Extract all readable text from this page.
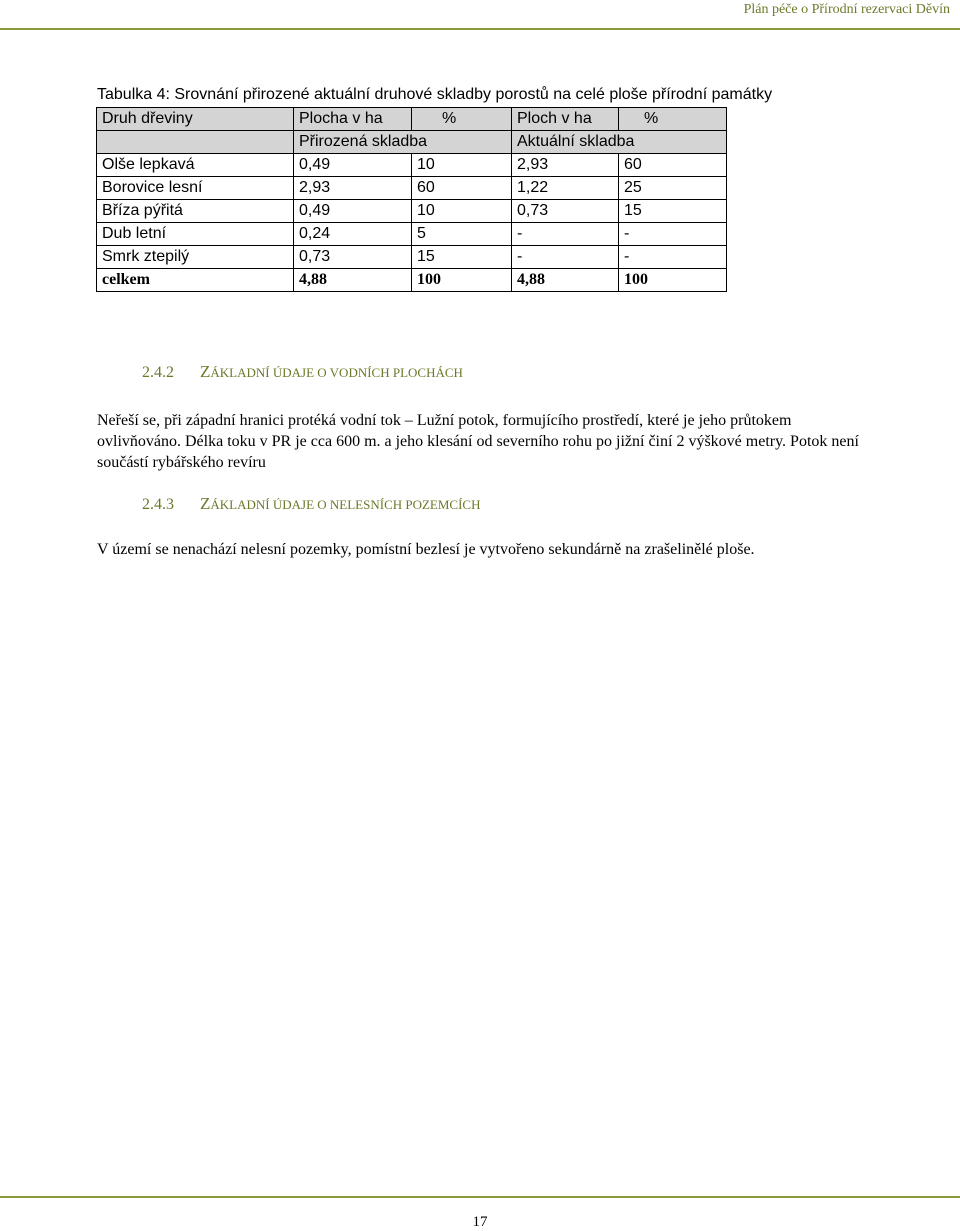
Plán péče o Přírodní rezervaci Děvín
Tabulka 4: Srovnání přirozené aktuální druhové skladby porostů na celé ploše přírodní památky
Druh dřeviny	Plocha v ha	%	Ploch v ha	%
	Přirozená skladba		Aktuální skladba	
Olše lepkavá	0,49	10	2,93	60
Borovice lesní	2,93	60	1,22	25
Bříza pýřitá	0,49	10	0,73	15
Dub letní	0,24	5	-	-
Smrk ztepilý	0,73	15	-	-
celkem	4,88	100	4,88	100
2.4.2 ZÁKLADNÍ ÚDAJE O VODNÍCH PLOCHÁCH
Neřeší se, při západní hranici protéká vodní tok – Lužní potok, formujícího prostředí, které je jeho průtokem ovlivňováno. Délka toku v PR je cca 600 m. a jeho klesání od severního rohu po jižní činí 2 výškové metry. Potok není součástí rybářského revíru
2.4.3 ZÁKLADNÍ ÚDAJE O NELESNÍCH POZEMCÍCH
V území se nenachází nelesní pozemky, pomístní bezlesí je vytvořeno sekundárně na zrašelinělé ploše.
17
